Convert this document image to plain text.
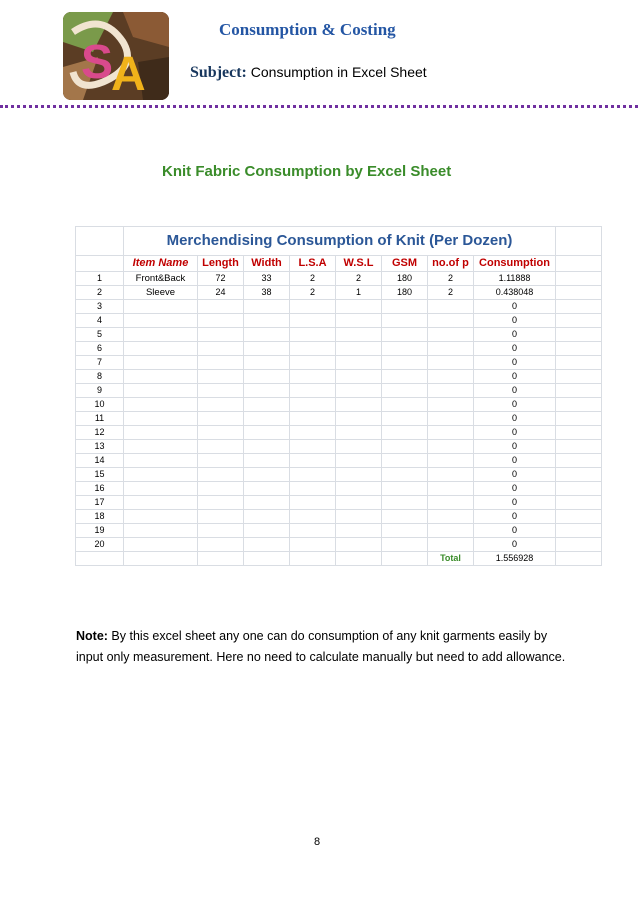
S
A
Consumption & Costing
Subject: Consumption in Excel Sheet
Knit Fabric Consumption by Excel Sheet
	Merchendising Consumption of Knit (Per Dozen)								
	Item Name	Length	Width	L.S.A	W.S.L	GSM	no.of p	Consumption	
1	Front&Back	72	33	2	2	180	2	1.11888	
2	Sleeve	24	38	2	1	180	2	0.438048	
3								0	
4								0	
5								0	
6								0	
7								0	
8								0	
9								0	
10								0	
11								0	
12								0	
13								0	
14								0	
15								0	
16								0	
17								0	
18								0	
19								0	
20								0	
							Total	1.556928	
Note: By this excel sheet any one can do consumption of any knit garments easily by input only measurement. Here no need to calculate manually but need to add allowance.
8
